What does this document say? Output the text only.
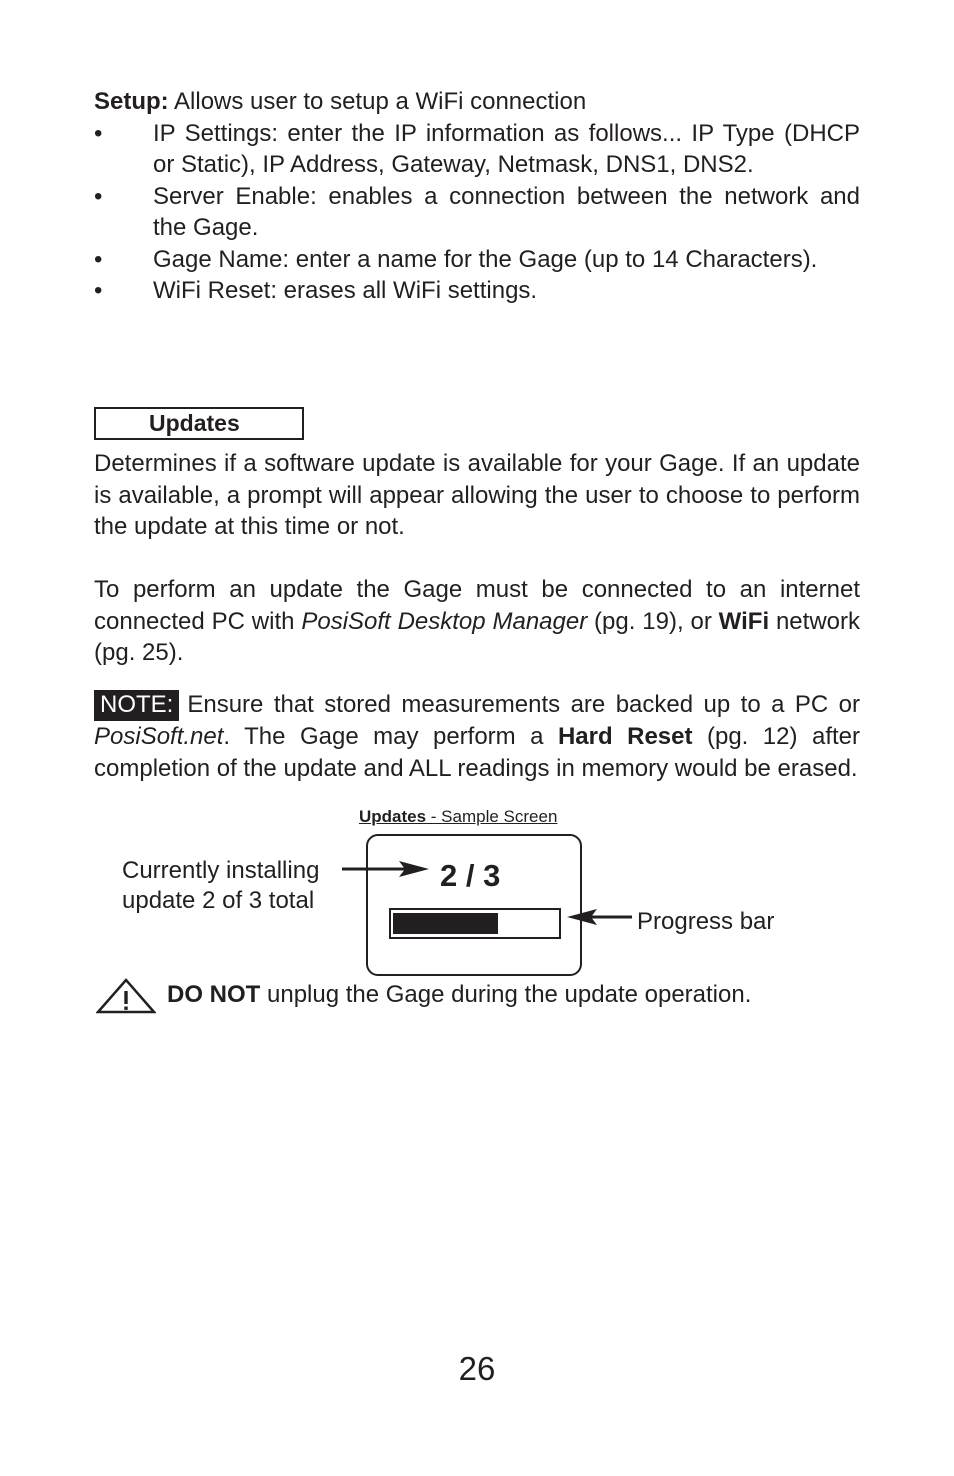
Setup: Allows user to setup a WiFi connection
•	IP Settings: enter the IP information as follows... IP Type (DHCP or Static), IP Address, Gateway, Netmask, DNS1, DNS2.
•	Server Enable: enables a connection between the network and the Gage.
•	Gage Name: enter a name for the Gage (up to 14 Characters).
•	WiFi Reset: erases all WiFi settings.
Updates
Determines if a software update is available for your Gage. If an update is available, a prompt will appear allowing the user to choose to perform the update at this time or not.
To perform an update the Gage must be connected to an internet connected PC with PosiSoft Desktop Manager (pg. 19), or WiFi network (pg. 25).
NOTE: Ensure that stored measurements are backed up to a PC or PosiSoft.net. The Gage may perform a Hard Reset (pg. 12) after completion of the update and ALL readings in memory would be erased.
Updates - Sample Screen
Currently installing update 2 of 3 total
2 / 3
Progress bar
DO NOT unplug the Gage during the update operation.
26
